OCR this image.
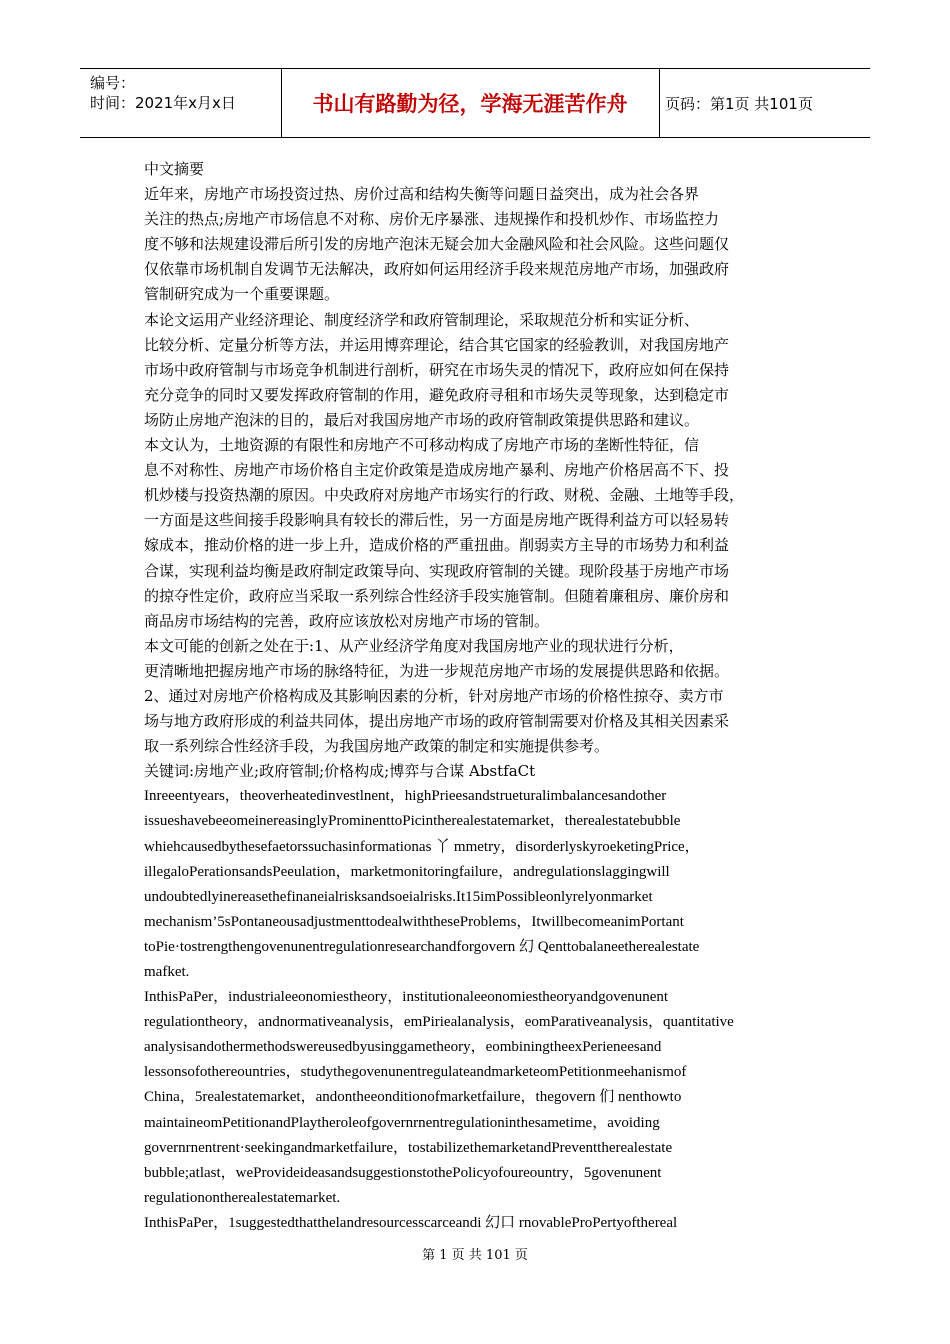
编号：
时间：2021年x月x日	书山有路勤为径，学海无涯苦作舟	页码：第1页 共101页
中文摘要
近年来，房地产市场投资过热、房价过高和结构失衡等问题日益突出，成为社会各界
关注的热点;房地产市场信息不对称、房价无序暴涨、违规操作和投机炒作、市场监控力
度不够和法规建设滞后所引发的房地产泡沫无疑会加大金融风险和社会风险。这些问题仅
仅依靠市场机制自发调节无法解决，政府如何运用经济手段来规范房地产市场，加强政府
管制研究成为一个重要课题。
本论文运用产业经济理论、制度经济学和政府管制理论，采取规范分析和实证分析、
比较分析、定量分析等方法，并运用博弈理论，结合其它国家的经验教训，对我国房地产
市场中政府管制与市场竞争机制进行剖析，研究在市场失灵的情况下，政府应如何在保持
充分竞争的同时又要发挥政府管制的作用，避免政府寻租和市场失灵等现象，达到稳定市
场防止房地产泡沫的目的，最后对我国房地产市场的政府管制政策提供思路和建议。
本文认为，土地资源的有限性和房地产不可移动构成了房地产市场的垄断性特征，信
息不对称性、房地产市场价格自主定价政策是造成房地产暴利、房地产价格居高不下、投
机炒楼与投资热潮的原因。中央政府对房地产市场实行的行政、财税、金融、土地等手段，
一方面是这些间接手段影响具有较长的滞后性，另一方面是房地产既得利益方可以轻易转
嫁成本，推动价格的进一步上升，造成价格的严重扭曲。削弱卖方主导的市场势力和利益
合谋，实现利益均衡是政府制定政策导向、实现政府管制的关键。现阶段基于房地产市场
的掠夺性定价，政府应当采取一系列综合性经济手段实施管制。但随着廉租房、廉价房和
商品房市场结构的完善，政府应该放松对房地产市场的管制。
本文可能的创新之处在于:1、从产业经济学角度对我国房地产业的现状进行分析，
更清晰地把握房地产市场的脉络特征，为进一步规范房地产市场的发展提供思路和依据。
2、通过对房地产价格构成及其影响因素的分析，针对房地产市场的价格性掠夺、卖方市
场与地方政府形成的利益共同体，提出房地产市场的政府管制需要对价格及其相关因素采
取一系列综合性经济手段，为我国房地产政策的制定和实施提供参考。
关键词:房地产业;政府管制;价格构成;博弈与合谋 AbstfaCt
Inreeentyears，theoverheatedinvestlnent，highPrieesandstrueturalimbalancesandother
issueshavebeeomeinereasinglyProminenttoPicintherealestatemarket，therealestatebubble
whiehcausedbythesefaetorssuchasinformationas 丫 mmetry，disorderlyskyroeketingPrice，
illegaloPerationsandsPeeulation，marketmonitoringfailure，andregulationslaggingwill
undoubtedlyinereasethefinaneialrisksandsoeialrisks.It15imPossibleonlyrelyonmarket
mechanism’5sPontaneousadjustmenttodealwiththeseProblems，ItwillbecomeanimPortant
toPie·tostrengthengovenunentregulationresearchandforgovern 幻 Qenttobalaneetherealestate
mafket.
InthisPaPer，industrialeeonomiestheory，institutionaleeonomiestheoryandgovenunent
regulationtheory，andnormativeanalysis，emPiriealanalysis，eomParativeanalysis，quantitative
analysisandothermethodswereusedbyusinggametheory，eombiningtheexPerieneesand
lessonsofothereountries，studythegovenunentregulateandmarketeomPetitionmeehanismof
China，5realestatemarket，andontheeonditionofmarketfailure，thegovern 们 nenthowto
maintaineomPetitionandPlaytheroleofgovernrnentregulationinthesametime，avoiding
governrnentrent·seekingandmarketfailure，tostabilizethemarketandPreventtherealestate
bubble;atlast，weProvideideasandsuggestionstothePolicyofoureountry，5govenunent
regulationontherealestatemarket.
InthisPaPer，1suggestedthatthelandresourcesscarceandi 幻口 rnovableProPertyofthereal
第 1 页 共 101 页
